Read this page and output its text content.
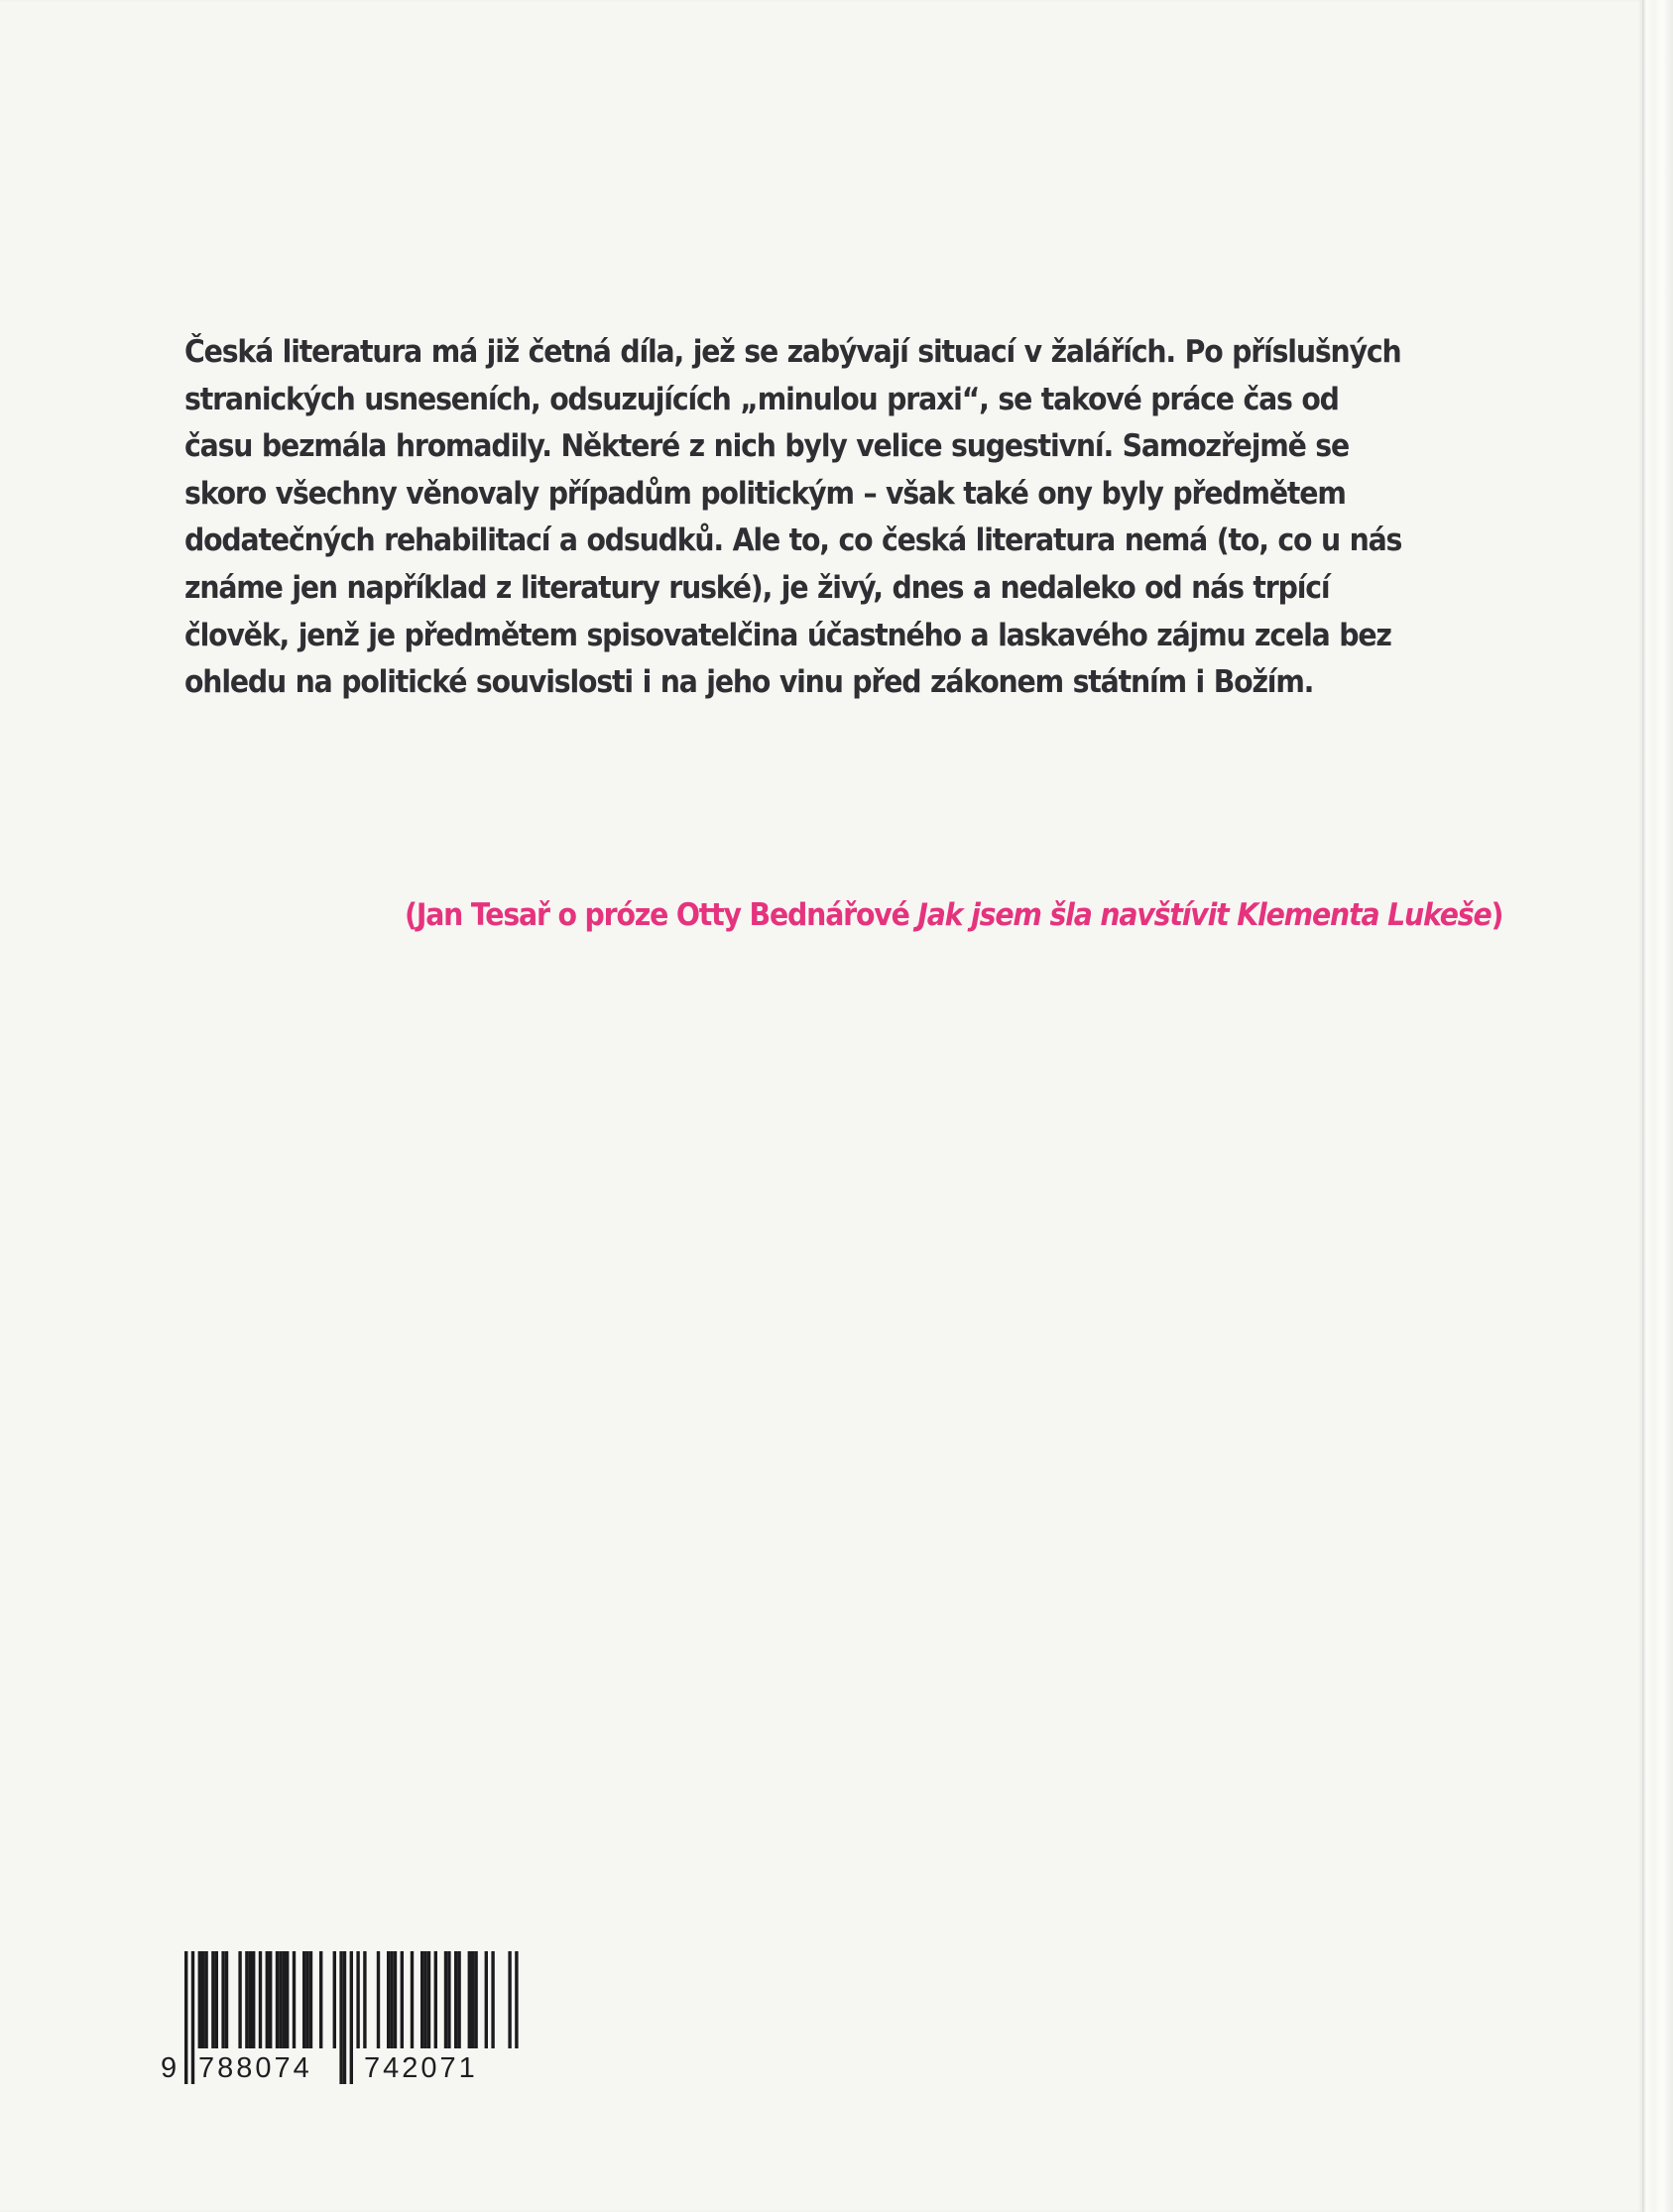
Česká literatura má již četná díla, jež se zabývají situací v žalářích. Po příslušných stranických usneseních, odsuzujících „minulou praxi“, se takové práce čas od času bezmála hromadily. Některé z nich byly velice sugestivní. Samozřejmě se skoro všechny věnovaly případům politickým – však také ony byly předmětem dodatečných rehabilitací a odsudků. Ale to, co česká literatura nemá (to, co u nás známe jen například z literatury ruské), je živý, dnes a nedaleko od nás trpící člověk, jenž je předmětem spisovatelčina účastného a laskavého zájmu zcela bez ohledu na politické souvislosti i na jeho vinu před zákonem státním i Božím.

(Jan Tesař o próze Otty Bednářové Jak jsem šla navštívit Klementa Lukeše)

9 788074 742071
